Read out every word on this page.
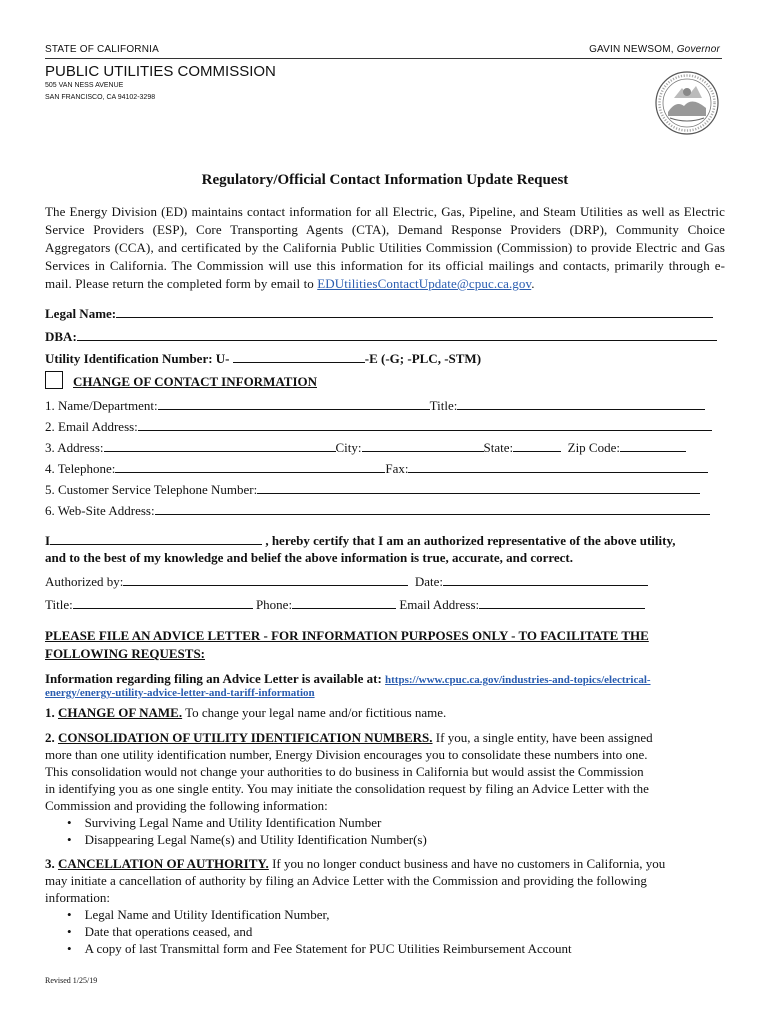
STATE OF CALIFORNIA	GAVIN NEWSOM, Governor
PUBLIC UTILITIES COMMISSION
505 VAN NESS AVENUE
SAN FRANCISCO, CA 94102-3298
Regulatory/Official Contact Information Update Request
The Energy Division (ED) maintains contact information for all Electric, Gas, Pipeline, and Steam Utilities as well as Electric Service Providers (ESP), Core Transporting Agents (CTA), Demand Response Providers (DRP), Community Choice Aggregators (CCA), and certificated by the California Public Utilities Commission (Commission) to provide Electric and Gas Services in California. The Commission will use this information for its official mailings and contacts, primarily through e-mail. Please return the completed form by email to EDUtilitiesContactUpdate@cpuc.ca.gov.
Legal Name:
DBA:
Utility Identification Number: U-	-E (-G; -PLC, -STM)
CHANGE OF CONTACT INFORMATION
1. Name/Department:	Title:
2. Email Address:
3. Address:	City:	State:	Zip Code:
4. Telephone:	Fax:
5. Customer Service Telephone Number:
6. Web-Site Address:
I	, hereby certify that I am an authorized representative of the above utility,
and to the best of my knowledge and belief the above information is true, accurate, and correct.
Authorized by:	Date:
Title:	Phone:	Email Address:
PLEASE FILE AN ADVICE LETTER - FOR INFORMATION PURPOSES ONLY - TO FACILITATE THE
FOLLOWING REQUESTS:
Information regarding filing an Advice Letter is available at: https://www.cpuc.ca.gov/industries-and-topics/electrical-
energy/energy-utility-advice-letter-and-tariff-information
1. CHANGE OF NAME. To change your legal name and/or fictitious name.
2. CONSOLIDATION OF UTILITY IDENTIFICATION NUMBERS. If you, a single entity, have been assigned
more than one utility identification number, Energy Division encourages you to consolidate these numbers into one.
This consolidation would not change your authorities to do business in California but would assist the Commission
in identifying you as one single entity. You may initiate the consolidation request by filing an Advice Letter with the
Commission and providing the following information:
•    Surviving Legal Name and Utility Identification Number
•    Disappearing Legal Name(s) and Utility Identification Number(s)
3. CANCELLATION OF AUTHORITY. If you no longer conduct business and have no customers in California, you
may initiate a cancellation of authority by filing an Advice Letter with the Commission and providing the following
information:
•    Legal Name and Utility Identification Number,
•    Date that operations ceased, and
•    A copy of last Transmittal form and Fee Statement for PUC Utilities Reimbursement Account
Revised 1/25/19
